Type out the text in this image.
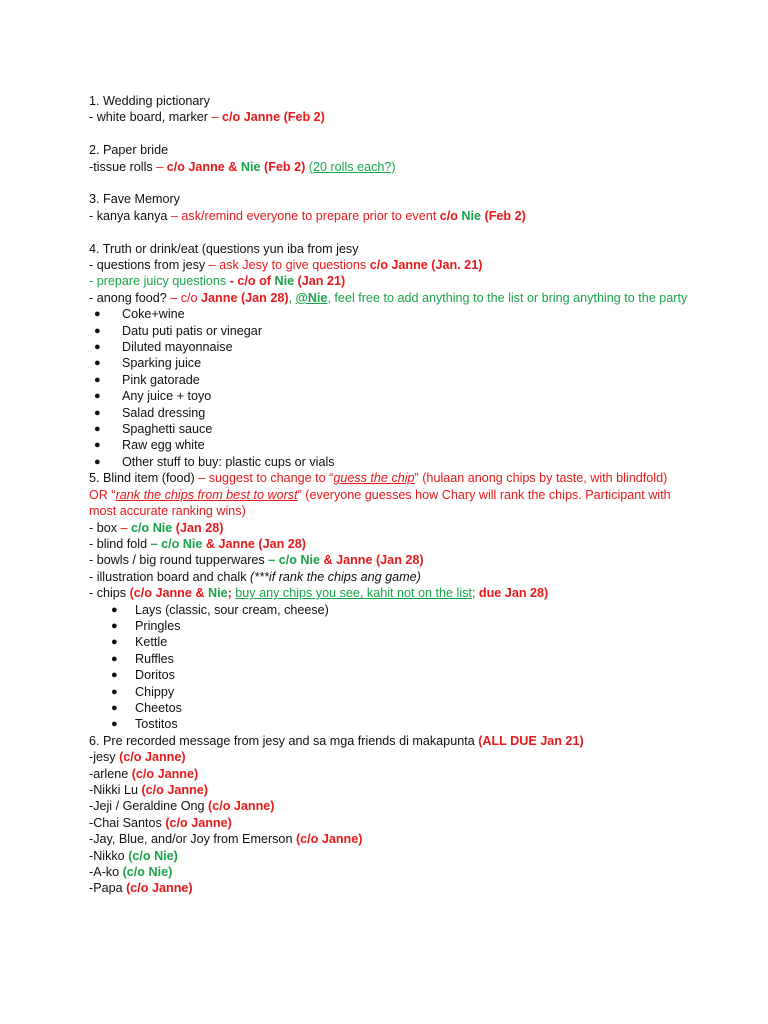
1. Wedding pictionary
- white board, marker – c/o Janne (Feb 2)
2. Paper bride
-tissue rolls – c/o Janne & Nie (Feb 2) (20 rolls each?)
3. Fave Memory
- kanya kanya – ask/remind everyone to prepare prior to event c/o Nie (Feb 2)
4. Truth or drink/eat (questions yun iba from jesy
- questions from jesy – ask Jesy to give questions c/o Janne (Jan. 21)
- prepare juicy questions - c/o of Nie (Jan 21)
- anong food? – c/o Janne (Jan 28), @Nie, feel free to add anything to the list or bring anything to the party
● Coke+wine
● Datu puti patis or vinegar
● Diluted mayonnaise
● Sparking juice
● Pink gatorade
● Any juice + toyo
● Salad dressing
● Spaghetti sauce
● Raw egg white
● Other stuff to buy: plastic cups or vials
5. Blind item (food) – suggest to change to “guess the chip” (hulaan anong chips by taste, with blindfold) OR “rank the chips from best to worst” (everyone guesses how Chary will rank the chips. Participant with most accurate ranking wins)
- box – c/o Nie (Jan 28)
- blind fold – c/o Nie & Janne (Jan 28)
- bowls / big round tupperwares – c/o Nie & Janne (Jan 28)
- illustration board and chalk (***if rank the chips ang game)
- chips (c/o Janne & Nie; buy any chips you see, kahit not on the list; due Jan 28)
● Lays (classic, sour cream, cheese)
● Pringles
● Kettle
● Ruffles
● Doritos
● Chippy
● Cheetos
● Tostitos
6. Pre recorded message from jesy and sa mga friends di makapunta (ALL DUE Jan 21)
-jesy (c/o Janne)
-arlene (c/o Janne)
-Nikki Lu (c/o Janne)
-Jeji / Geraldine Ong (c/o Janne)
-Chai Santos (c/o Janne)
-Jay, Blue, and/or Joy from Emerson (c/o Janne)
-Nikko (c/o Nie)
-A-ko (c/o Nie)
-Papa (c/o Janne)
